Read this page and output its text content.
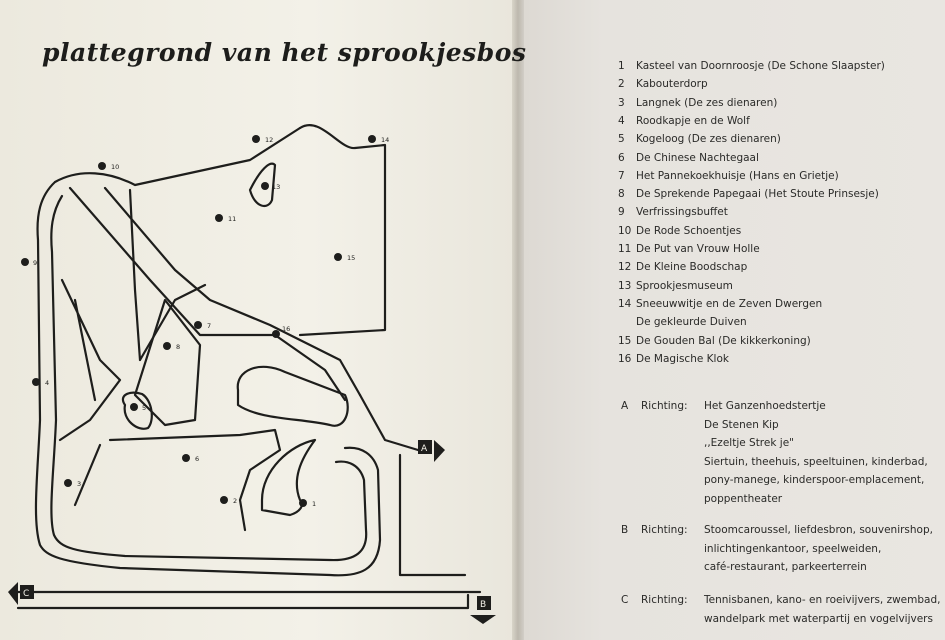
plattegrond van het sprookjesbos
1
2
3
4
5
6
7
8
9
10
11
12
13
14
15
16
A
C
B
1	Kasteel van Doornroosje (De Schone Slaapster)
2	Kabouterdorp
3	Langnek (De zes dienaren)
4	Roodkapje en de Wolf
5	Kogeloog (De zes dienaren)
6	De Chinese Nachtegaal
7	Het Pannekoekhuisje (Hans en Grietje)
8	De Sprekende Papegaai (Het Stoute Prinsesje)
9	Verfrissingsbuffet
10 De Rode Schoentjes
11 De Put van Vrouw Holle
12 De Kleine Boodschap
13 Sprookjesmuseum
14 Sneeuwwitje en de Zeven Dwergen
De gekleurde Duiven
15 De Gouden Bal (De kikkerkoning)
16 De Magische Klok
A Richting: Het Ganzenhoedstertje
De Stenen Kip
,,Ezeltje Strek je"
Siertuin, theehuis, speeltuinen, kinderbad,
pony-manege, kinderspoor-emplacement,
poppentheater
B Richting: Stoomcaroussel, liefdesbron, souvenirshop,
inlichtingenkantoor, speelweiden,
café-restaurant, parkeerterrein
C Richting: Tennisbanen, kano- en roeivijvers, zwembad,
wandelpark met waterpartij en vogelvijvers
